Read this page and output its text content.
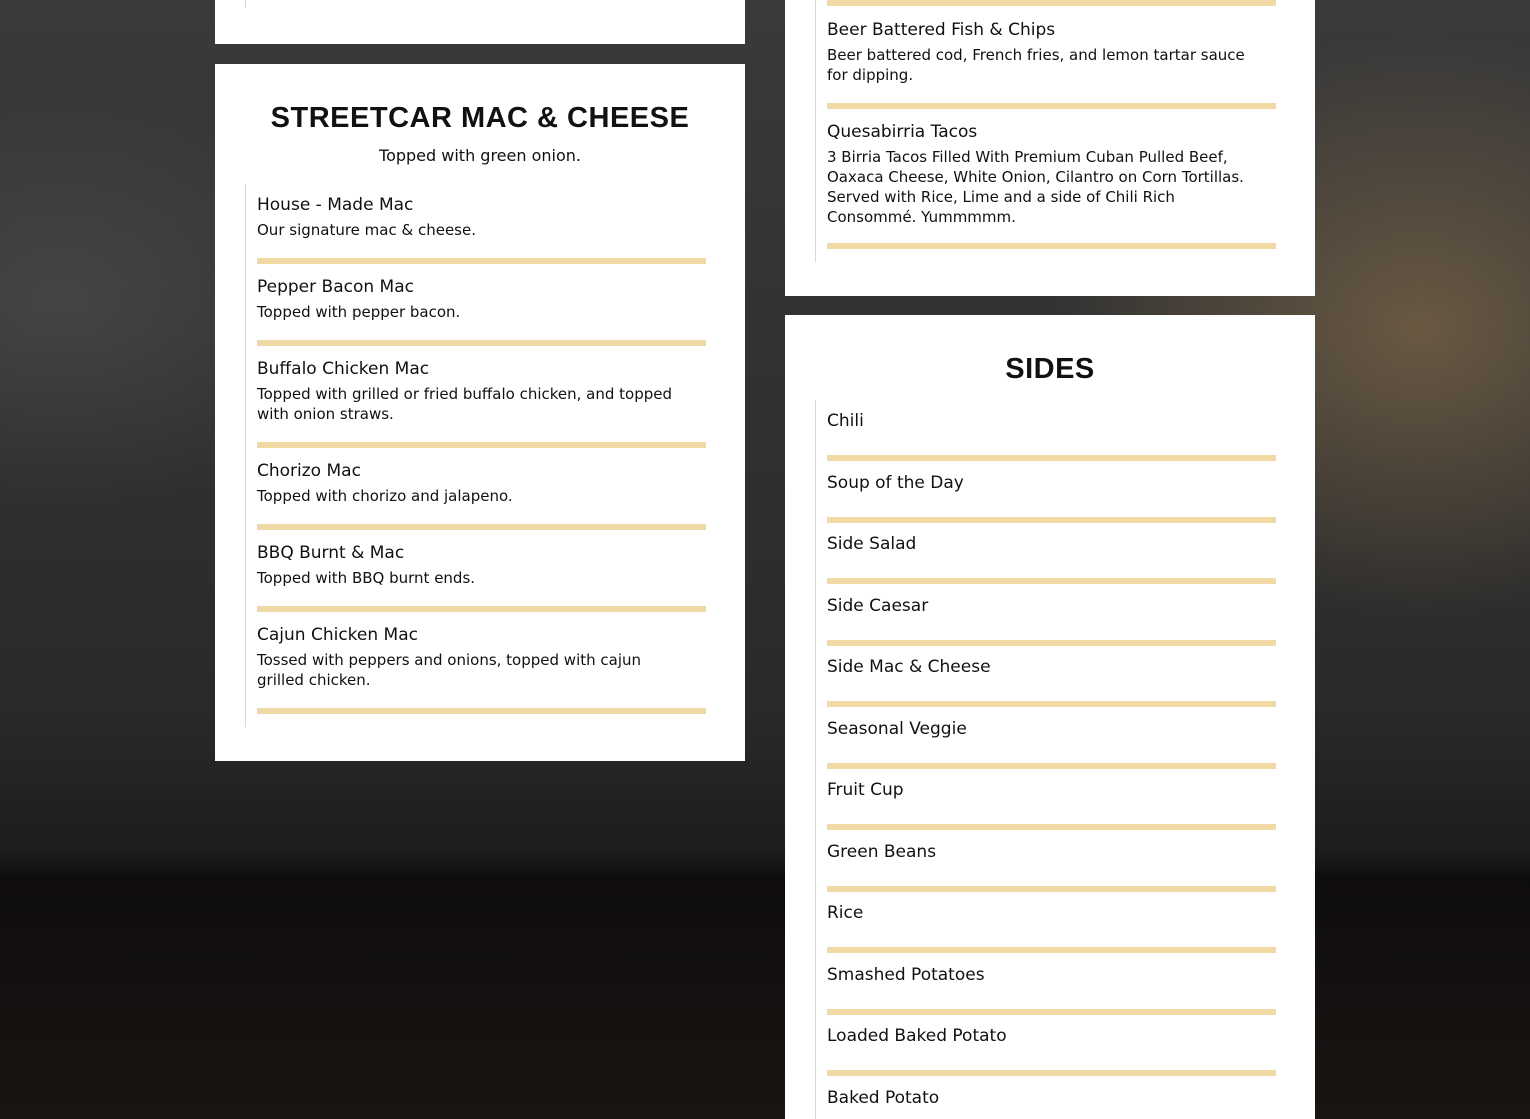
STREETCAR MAC & CHEESE

Topped with green onion.

House - Made Mac
Our signature mac & cheese.
Pepper Bacon Mac
Topped with pepper bacon.
Buffalo Chicken Mac
Topped with grilled or fried buffalo chicken, and topped with onion straws.
Chorizo Mac
Topped with chorizo and jalapeno.
BBQ Burnt & Mac
Topped with BBQ burnt ends.
Cajun Chicken Mac
Tossed with peppers and onions, topped with cajun grilled chicken.
Beer Battered Fish & Chips
Beer battered cod, French fries, and lemon tartar sauce for dipping.
Quesabirria Tacos
3 Birria Tacos Filled With Premium Cuban Pulled Beef, Oaxaca Cheese, White Onion, Cilantro on Corn Tortillas. Served with Rice, Lime and a side of Chili Rich Consommé. Yummmmm.
SIDES
Chili
Soup of the Day
Side Salad
Side Caesar
Side Mac & Cheese
Seasonal Veggie
Fruit Cup
Green Beans
Rice
Smashed Potatoes
Loaded Baked Potato
Baked Potato
